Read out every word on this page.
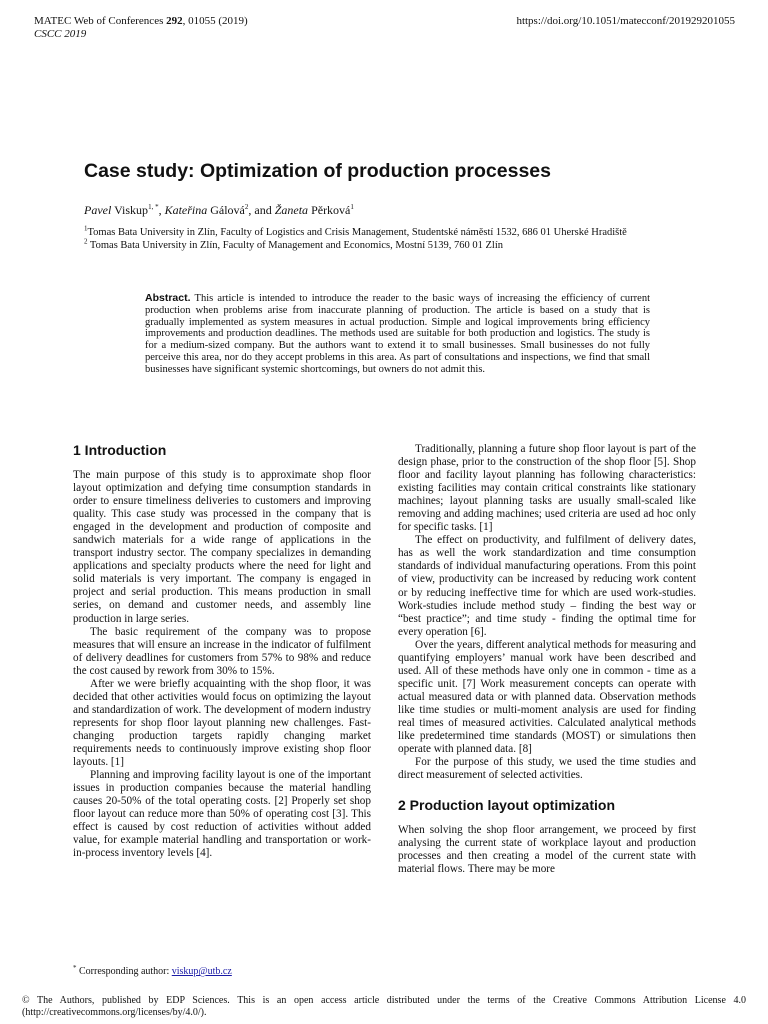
MATEC Web of Conferences 292, 01055 (2019)
CSCC 2019
https://doi.org/10.1051/matecconf/201929201055
Case study: Optimization of production processes
Pavel Viskup$^{1, *}$, Kateřina Gálová$^2$, and Žaneta Pěrková$^1$
$^1$Tomas Bata University in Zlín, Faculty of Logistics and Crisis Management, Studentské náměstí 1532, 686 01 Uherské Hradiště
$^2$ Tomas Bata University in Zlín, Faculty of Management and Economics, Mostní 5139, 760 01 Zlín
Abstract. This article is intended to introduce the reader to the basic ways of increasing the efficiency of current production when problems arise from inaccurate planning of production. The article is based on a study that is gradually implemented as system measures in actual production. Simple and logical improvements bring efficiency improvements and production deadlines. The methods used are suitable for both production and logistics. The study is for a medium-sized company. But the authors want to extend it to small businesses. Small businesses do not fully perceive this area, nor do they accept problems in this area. As part of consultations and inspections, we find that small businesses have significant systemic shortcomings, but owners do not admit this.
1 Introduction

The main purpose of this study is to approximate shop floor layout optimization and defying time consumption standards in order to ensure timeliness deliveries to customers and improving quality. This case study was processed in the company that is engaged in the development and production of composite and sandwich materials for a wide range of applications in the transport industry sector. The company specializes in demanding applications and specialty products where the need for light and solid materials is very important. The company is engaged in project and serial production. This means production in small series, on demand and customer needs, and assembly line production in large series.

The basic requirement of the company was to propose measures that will ensure an increase in the indicator of fulfilment of delivery deadlines for customers from 57% to 98% and reduce the cost caused by rework from 30% to 15%.

After we were briefly acquainting with the shop floor, it was decided that other activities would focus on optimizing the layout and standardization of work. The development of modern industry represents for shop floor layout planning new challenges. Fast-changing production targets rapidly changing market requirements needs to continuously improve existing shop floor layouts. [1]

Planning and improving facility layout is one of the important issues in production companies because the material handling causes 20-50% of the total operating costs. [2] Properly set shop floor layout can reduce more than 50% of operating cost [3]. This effect is caused by cost reduction of activities without added value, for example material handling and transportation or work-in-process inventory levels [4].

Traditionally, planning a future shop floor layout is part of the design phase, prior to the construction of the shop floor [5]. Shop floor and facility layout planning has following characteristics: existing facilities may contain critical constraints like stationary machines; layout planning tasks are usually small-scaled like removing and adding machines; used criteria are used ad hoc only for specific tasks. [1]

The effect on productivity, and fulfilment of delivery dates, has as well the work standardization and time consumption standards of individual manufacturing operations. From this point of view, productivity can be increased by reducing work content or by reducing ineffective time for which are used work-studies. Work-studies include method study – finding the best way or “best practice”; and time study - finding the optimal time for every operation [6].

Over the years, different analytical methods for measuring and quantifying employers’ manual work have been described and used. All of these methods have only one in common - time as a specific unit. [7] Work measurement concepts can operate with actual measured data or with planned data. Observation methods like time studies or multi-moment analysis are used for finding real times of measured activities. Calculated analytical methods like predetermined time standards (MOST) or simulations then operate with planned data. [8]

For the purpose of this study, we used the time studies and direct measurement of selected activities.

2 Production layout optimization

When solving the shop floor arrangement, we proceed by first analysing the current state of workplace layout and production processes and then creating a model of the current state with material flows. There may be more

* Corresponding author: viskup@utb.cz
© The Authors, published by EDP Sciences. This is an open access article distributed under the terms of the Creative Commons Attribution License 4.0 (http://creativecommons.org/licenses/by/4.0/).
